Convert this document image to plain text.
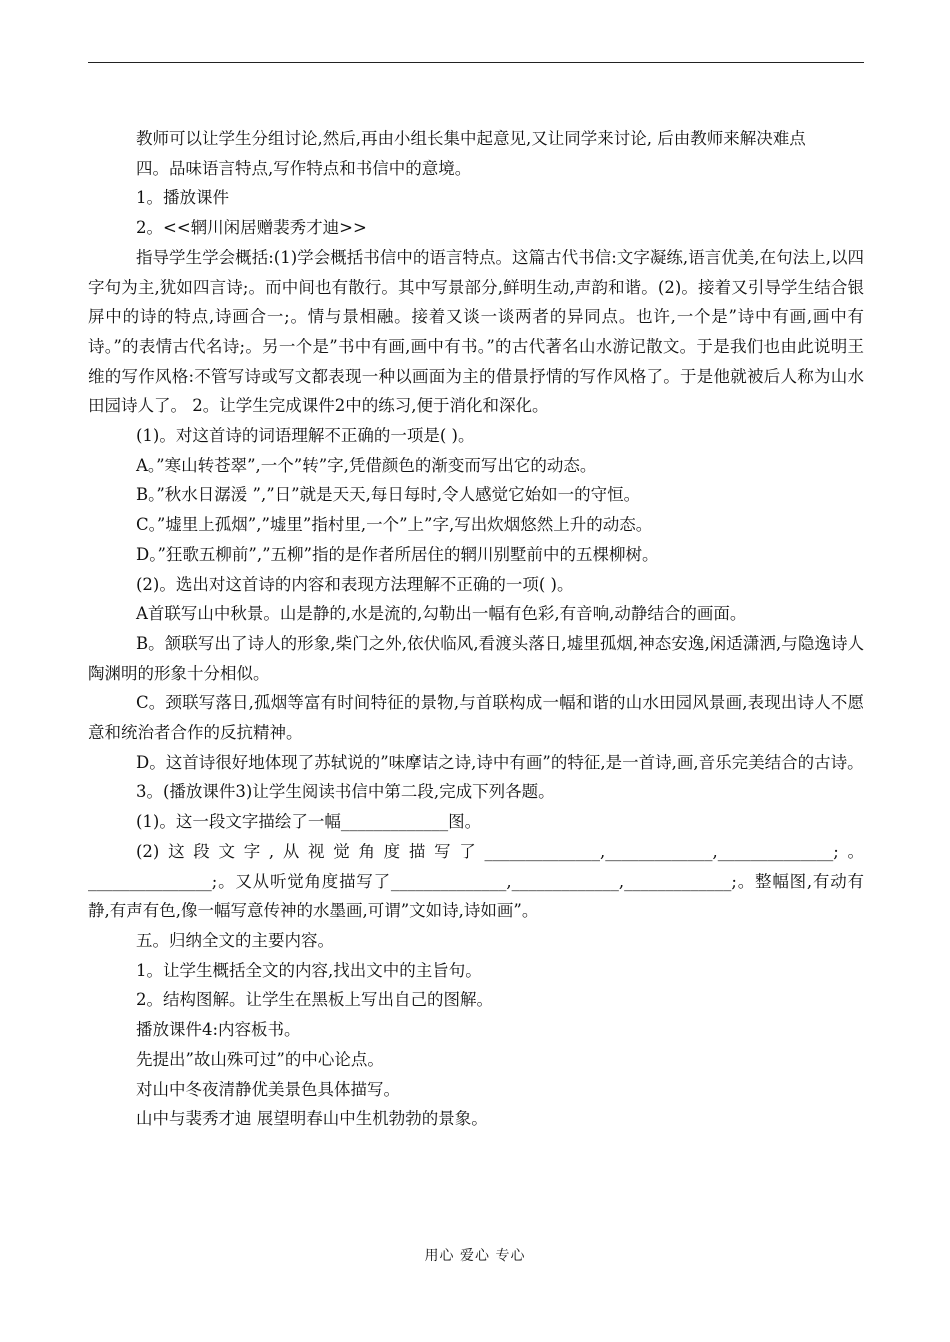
教师可以让学生分组讨论,然后,再由小组长集中起意见,又让同学来讨论, 后由教师来解决难点

四。品味语言特点,写作特点和书信中的意境。

1。播放课件

2。<<辋川闲居赠裴秀才迪>>

指导学生学会概括:(1)学会概括书信中的语言特点。这篇古代书信:文字凝练,语言优美,在句法上,以四字句为主,犹如四言诗;。而中间也有散行。其中写景部分,鲜明生动,声韵和谐。(2)。接着又引导学生结合银屏中的诗的特点,诗画合一;。情与景相融。接着又谈一谈两者的异同点。也许,一个是”诗中有画,画中有诗。”的表情古代名诗;。另一个是”书中有画,画中有书。”的古代著名山水游记散文。于是我们也由此说明王维的写作风格:不管写诗或写文都表现一种以画面为主的借景抒情的写作风格了。于是他就被后人称为山水田园诗人了。 2。让学生完成课件2中的练习,便于消化和深化。

(1)。对这首诗的词语理解不正确的一项是( )。

A。”寒山转苍翠”,一个”转”字,凭借颜色的渐变而写出它的动态。

B。”秋水日潺湲 ”,”日”就是天天,每日每时,令人感觉它始如一的守恒。

C。”墟里上孤烟”,”墟里”指村里,一个”上”字,写出炊烟悠然上升的动态。

D。”狂歌五柳前”,”五柳”指的是作者所居住的辋川别墅前中的五棵柳树。

(2)。选出对这首诗的内容和表现方法理解不正确的一项( )。

A首联写山中秋景。山是静的,水是流的,勾勒出一幅有色彩,有音响,动静结合的画面。

B。颔联写出了诗人的形象,柴门之外,依伏临风,看渡头落日,墟里孤烟,神态安逸,闲适潇洒,与隐逸诗人陶渊明的形象十分相似。

C。颈联写落日,孤烟等富有时间特征的景物,与首联构成一幅和谐的山水田园风景画,表现出诗人不愿意和统治者合作的反抗精神。

D。这首诗很好地体现了苏轼说的”味摩诘之诗,诗中有画”的特征,是一首诗,画,音乐完美结合的古诗。

3。(播放课件3)让学生阅读书信中第二段,完成下列各题。

(1)。这一段文字描绘了一幅_____________图。

(2)这段文字,从视觉角度描写了______________,_____________,______________;。_______________;。又从听觉角度描写了______________,_____________,_____________;。整幅图,有动有静,有声有色,像一幅写意传神的水墨画,可谓”文如诗,诗如画”。

五。归纳全文的主要内容。

1。让学生概括全文的内容,找出文中的主旨句。

2。结构图解。让学生在黑板上写出自己的图解。

播放课件4:内容板书。

先提出”故山殊可过”的中心论点。

对山中冬夜清静优美景色具体描写。

山中与裴秀才迪 展望明春山中生机勃勃的景象。

用心 爱心 专心
